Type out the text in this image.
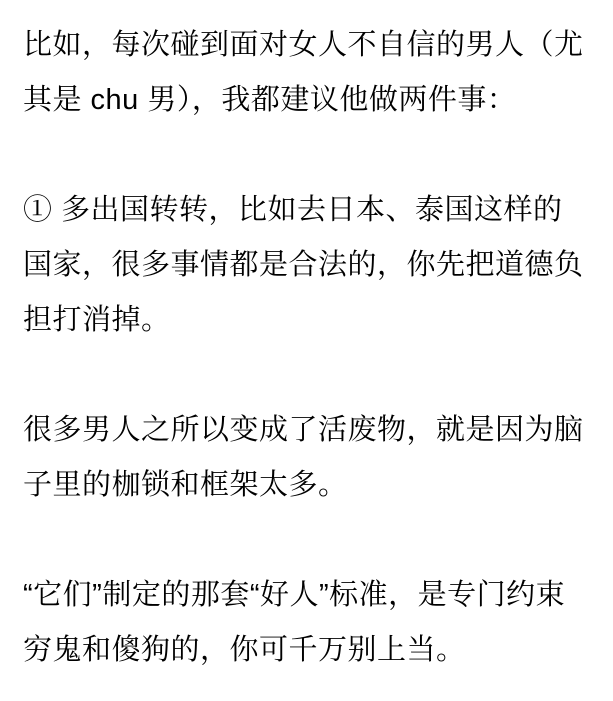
比如，每次碰到面对女人不自信的男人（尤其是 chu 男），我都建议他做两件事：

① 多出国转转，比如去日本、泰国这样的国家，很多事情都是合法的，你先把道德负担打消掉。

很多男人之所以变成了活废物，就是因为脑子里的枷锁和框架太多。

“它们”制定的那套“好人”标准，是专门约束穷鬼和傻狗的，你可千万别上当。
